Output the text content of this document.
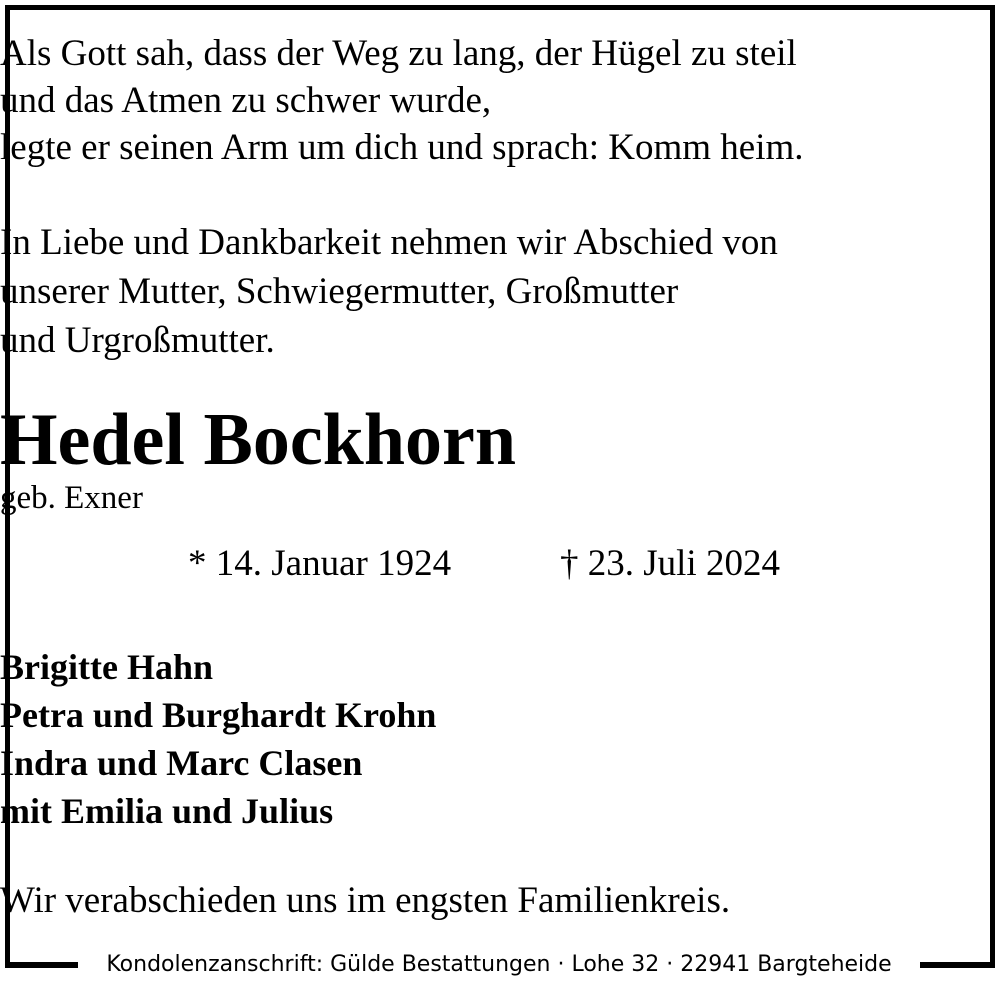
Als Gott sah, dass der Weg zu lang, der Hügel zu steil
und das Atmen zu schwer wurde,
legte er seinen Arm um dich und sprach: Komm heim.
In Liebe und Dankbarkeit nehmen wir Abschied von
unserer Mutter, Schwiegermutter, Großmutter
und Urgroßmutter.
Hedel Bockhorn
geb. Exner
* 14. Januar 1924	† 23. Juli 2024
Brigitte Hahn
Petra und Burghardt Krohn
Indra und Marc Clasen
mit Emilia und Julius
Wir verabschieden uns im engsten Familienkreis.
Kondolenzanschrift: Gülde Bestattungen · Lohe 32 · 22941 Bargteheide
